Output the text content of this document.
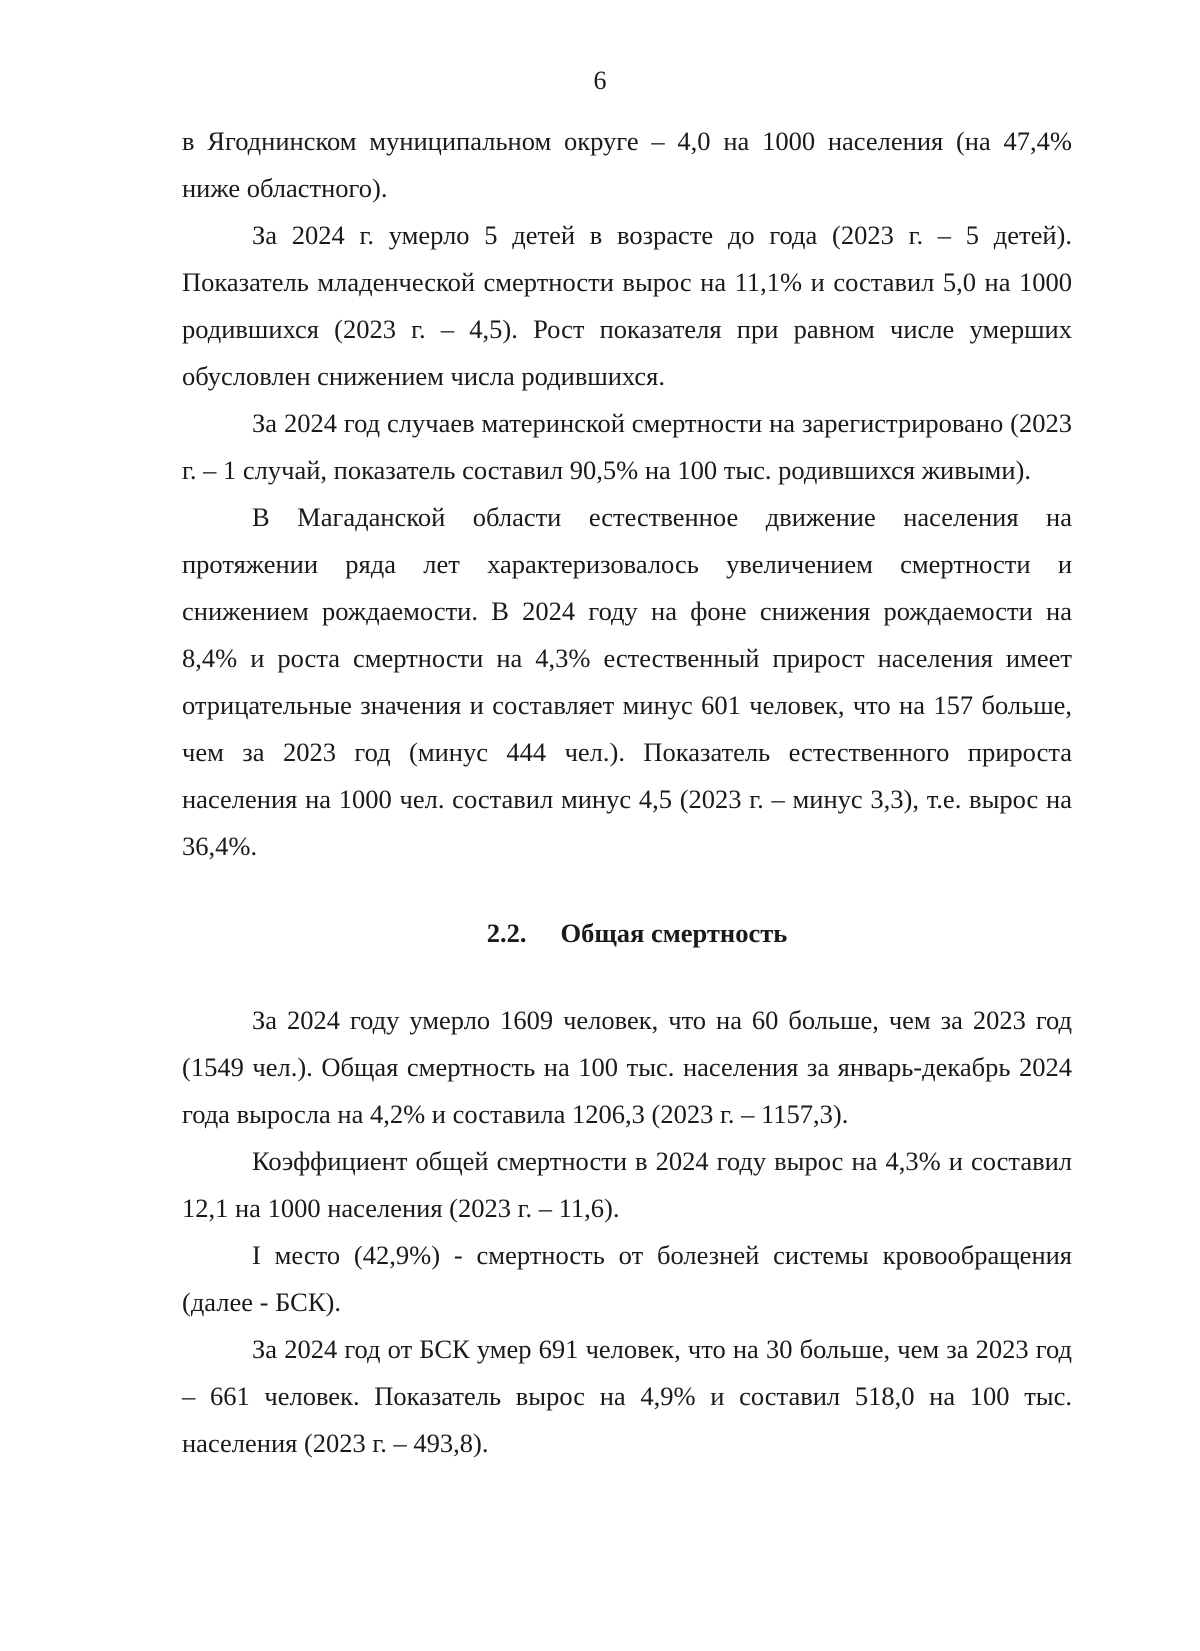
6

в Ягоднинском муниципальном округе – 4,0 на 1000 населения (на 47,4% ниже областного).

За 2024 г. умерло 5 детей в возрасте до года (2023 г. – 5 детей). Показатель младенческой смертности вырос на 11,1% и составил 5,0 на 1000 родившихся (2023 г. – 4,5). Рост показателя при равном числе умерших обусловлен снижением числа родившихся.

За 2024 год случаев материнской смертности на зарегистрировано (2023 г. – 1 случай, показатель составил 90,5% на 100 тыс. родившихся живыми).

В Магаданской области естественное движение населения на протяжении ряда лет характеризовалось увеличением смертности и снижением рождаемости. В 2024 году на фоне снижения рождаемости на 8,4% и роста смертности на 4,3% естественный прирост населения имеет отрицательные значения и составляет минус 601 человек, что на 157 больше, чем за 2023 год (минус 444 чел.). Показатель естественного прироста населения на 1000 чел. составил минус 4,5 (2023 г. – минус 3,3), т.е. вырос на 36,4%.

2.2. Общая смертность

За 2024 году умерло 1609 человек, что на 60 больше, чем за 2023 год (1549 чел.). Общая смертность на 100 тыс. населения за январь-декабрь 2024 года выросла на 4,2% и составила 1206,3 (2023 г. – 1157,3).

Коэффициент общей смертности в 2024 году вырос на 4,3% и составил 12,1 на 1000 населения (2023 г. – 11,6).

I место (42,9%) - смертность от болезней системы кровообращения (далее - БСК).

За 2024 год от БСК умер 691 человек, что на 30 больше, чем за 2023 год – 661 человек. Показатель вырос на 4,9% и составил 518,0 на 100 тыс. населения (2023 г. – 493,8).
